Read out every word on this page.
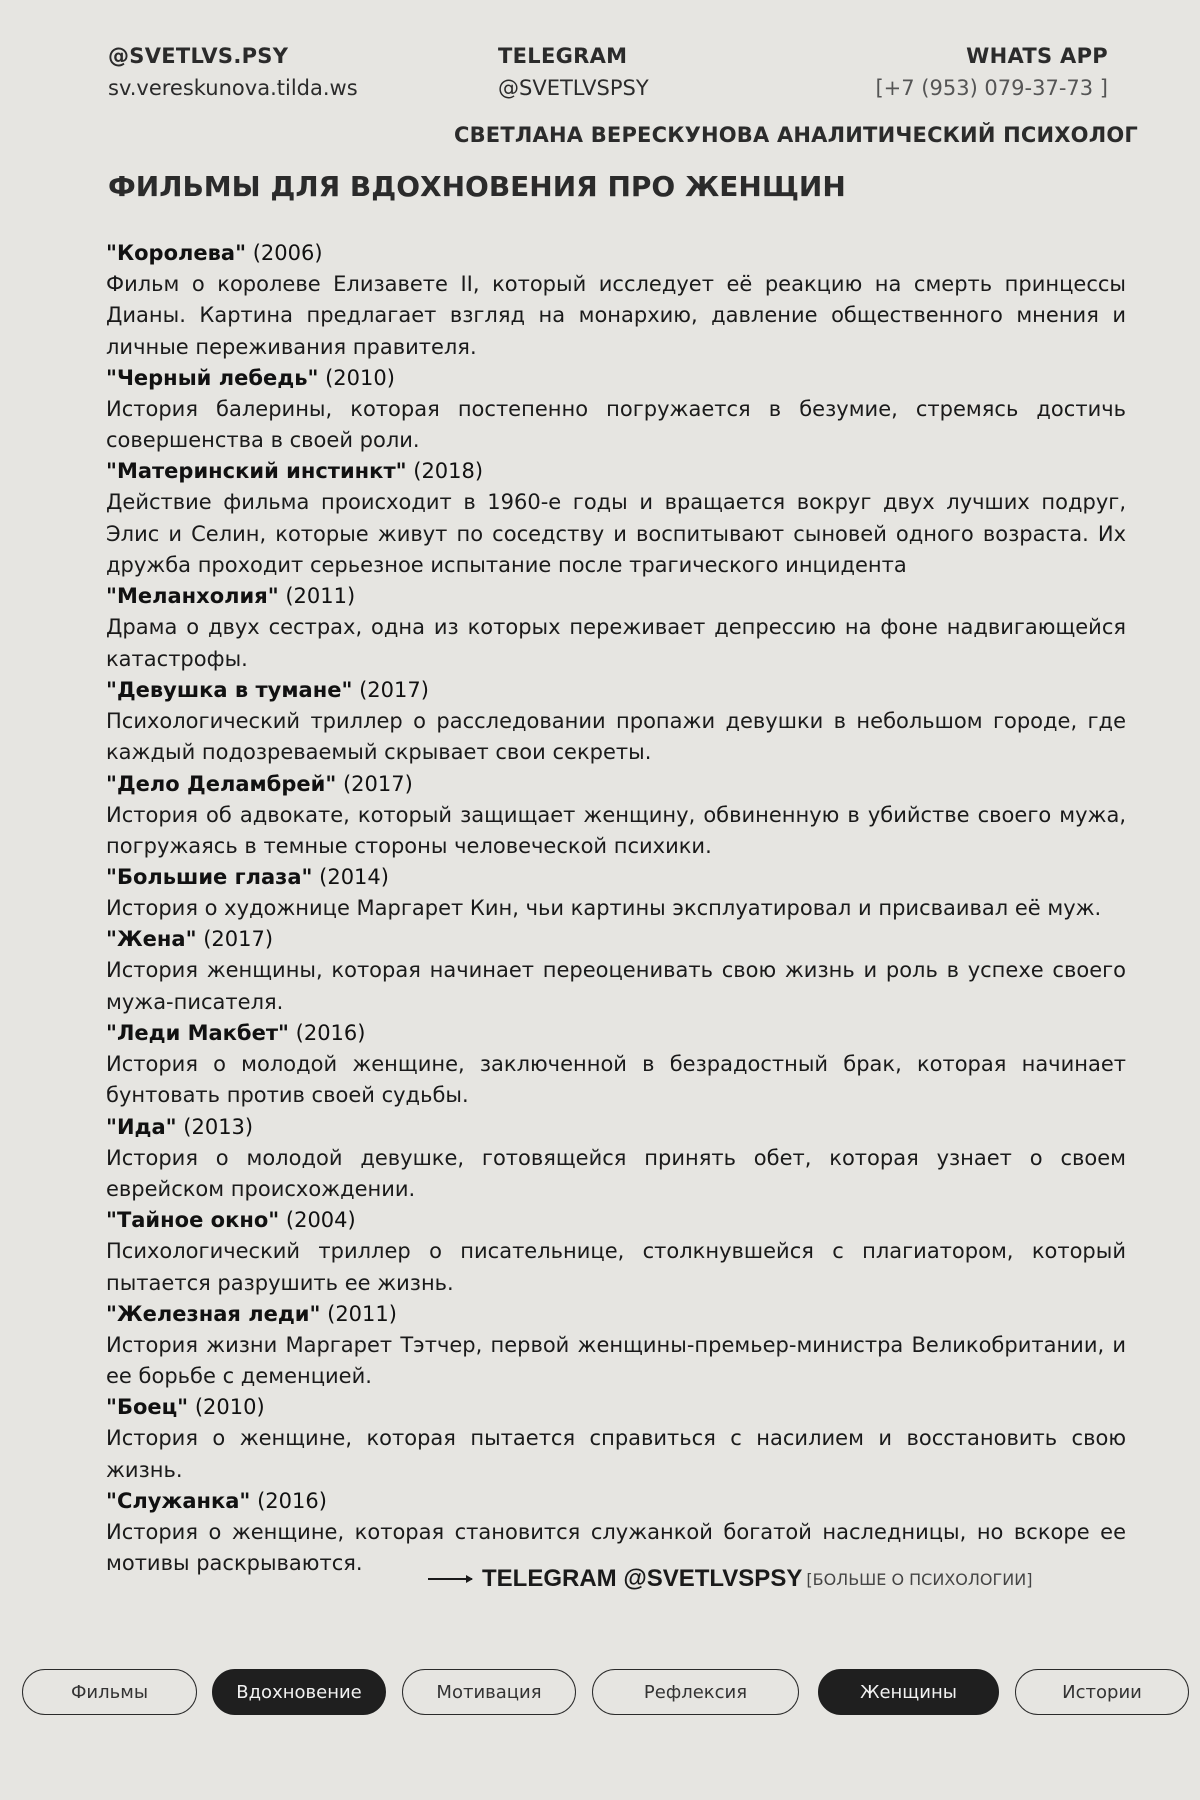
@SVETLVS.PSY
sv.vereskunova.tilda.ws
TELEGRAM
@SVETLVSPSY
WHATS APP
[+7 (953) 079-37-73 ]
СВЕТЛАНА ВЕРЕСКУНОВА АНАЛИТИЧЕСКИЙ ПСИХОЛОГ
ФИЛЬМЫ ДЛЯ ВДОХНОВЕНИЯ ПРО ЖЕНЩИН
"Королева" (2006)
Фильм о королеве Елизавете II, который исследует её реакцию на смерть принцессы Дианы. Картина предлагает взгляд на монархию, давление общественного мнения и личные переживания правителя.
"Черный лебедь" (2010)
История балерины, которая постепенно погружается в безумие, стремясь достичь совершенства в своей роли.
"Материнский инстинкт" (2018)
Действие фильма происходит в 1960-е годы и вращается вокруг двух лучших подруг, Элис и Селин, которые живут по соседству и воспитывают сыновей одного возраста. Их дружба проходит серьезное испытание после трагического инцидента
"Меланхолия" (2011)
Драма о двух сестрах, одна из которых переживает депрессию на фоне надвигающейся катастрофы.
"Девушка в тумане" (2017)
Психологический триллер о расследовании пропажи девушки в небольшом городе, где каждый подозреваемый скрывает свои секреты.
"Дело Деламбрей" (2017)
История об адвокате, который защищает женщину, обвиненную в убийстве своего мужа, погружаясь в темные стороны человеческой психики.
"Большие глаза" (2014)
История о художнице Маргарет Кин, чьи картины эксплуатировал и присваивал её муж.
"Жена" (2017)
История женщины, которая начинает переоценивать свою жизнь и роль в успехе своего мужа-писателя.
"Леди Макбет" (2016)
История о молодой женщине, заключенной в безрадостный брак, которая начинает бунтовать против своей судьбы.
"Ида" (2013)
История о молодой девушке, готовящейся принять обет, которая узнает о своем еврейском происхождении.
"Тайное окно" (2004)
Психологический триллер о писательнице, столкнувшейся с плагиатором, который пытается разрушить ее жизнь.
"Железная леди" (2011)
История жизни Маргарет Тэтчер, первой женщины-премьер-министра Великобритании, и ее борьбе с деменцией.
"Боец" (2010)
История о женщине, которая пытается справиться с насилием и восстановить свою жизнь.
"Служанка" (2016)
История о женщине, которая становится служанкой богатой наследницы, но вскоре ее мотивы раскрываются.
TELEGRAM @SVETLVSPSY [БОЛЬШЕ О ПСИХОЛОГИИ]
Фильмы	Вдохновение	Мотивация	Рефлексия	Женщины	Истории
